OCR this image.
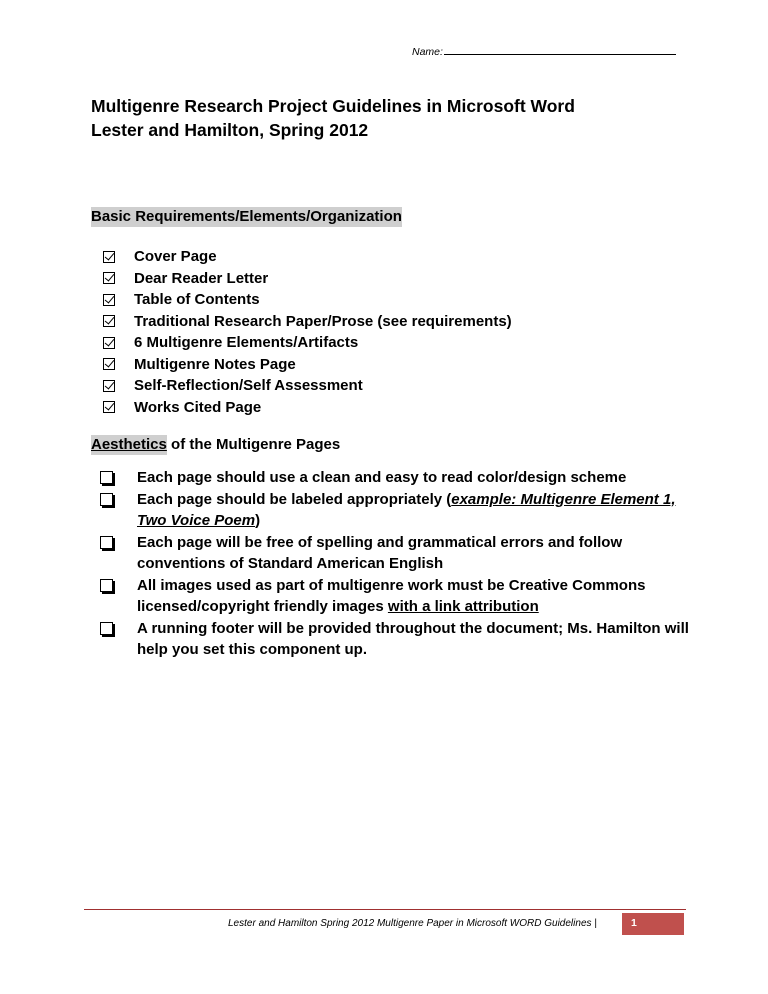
Name:
Multigenre Research Project Guidelines in Microsoft Word
Lester and Hamilton, Spring 2012
Basic Requirements/Elements/Organization
Cover Page
Dear Reader Letter
Table of Contents
Traditional Research Paper/Prose (see requirements)
6 Multigenre Elements/Artifacts
Multigenre Notes Page
Self-Reflection/Self Assessment
Works Cited Page
Aesthetics of the Multigenre Pages
Each page should use a clean and easy to read color/design scheme
Each page should be labeled appropriately (example: Multigenre Element 1, Two Voice Poem)
Each page will be free of spelling and grammatical errors and follow conventions of Standard American English
All images used as part of multigenre work must be Creative Commons licensed/copyright friendly images with a link attribution
A running footer will be provided throughout the document; Ms. Hamilton will help you set this component up.
Lester and Hamilton Spring 2012 Multigenre Paper in Microsoft WORD Guidelines |	1
